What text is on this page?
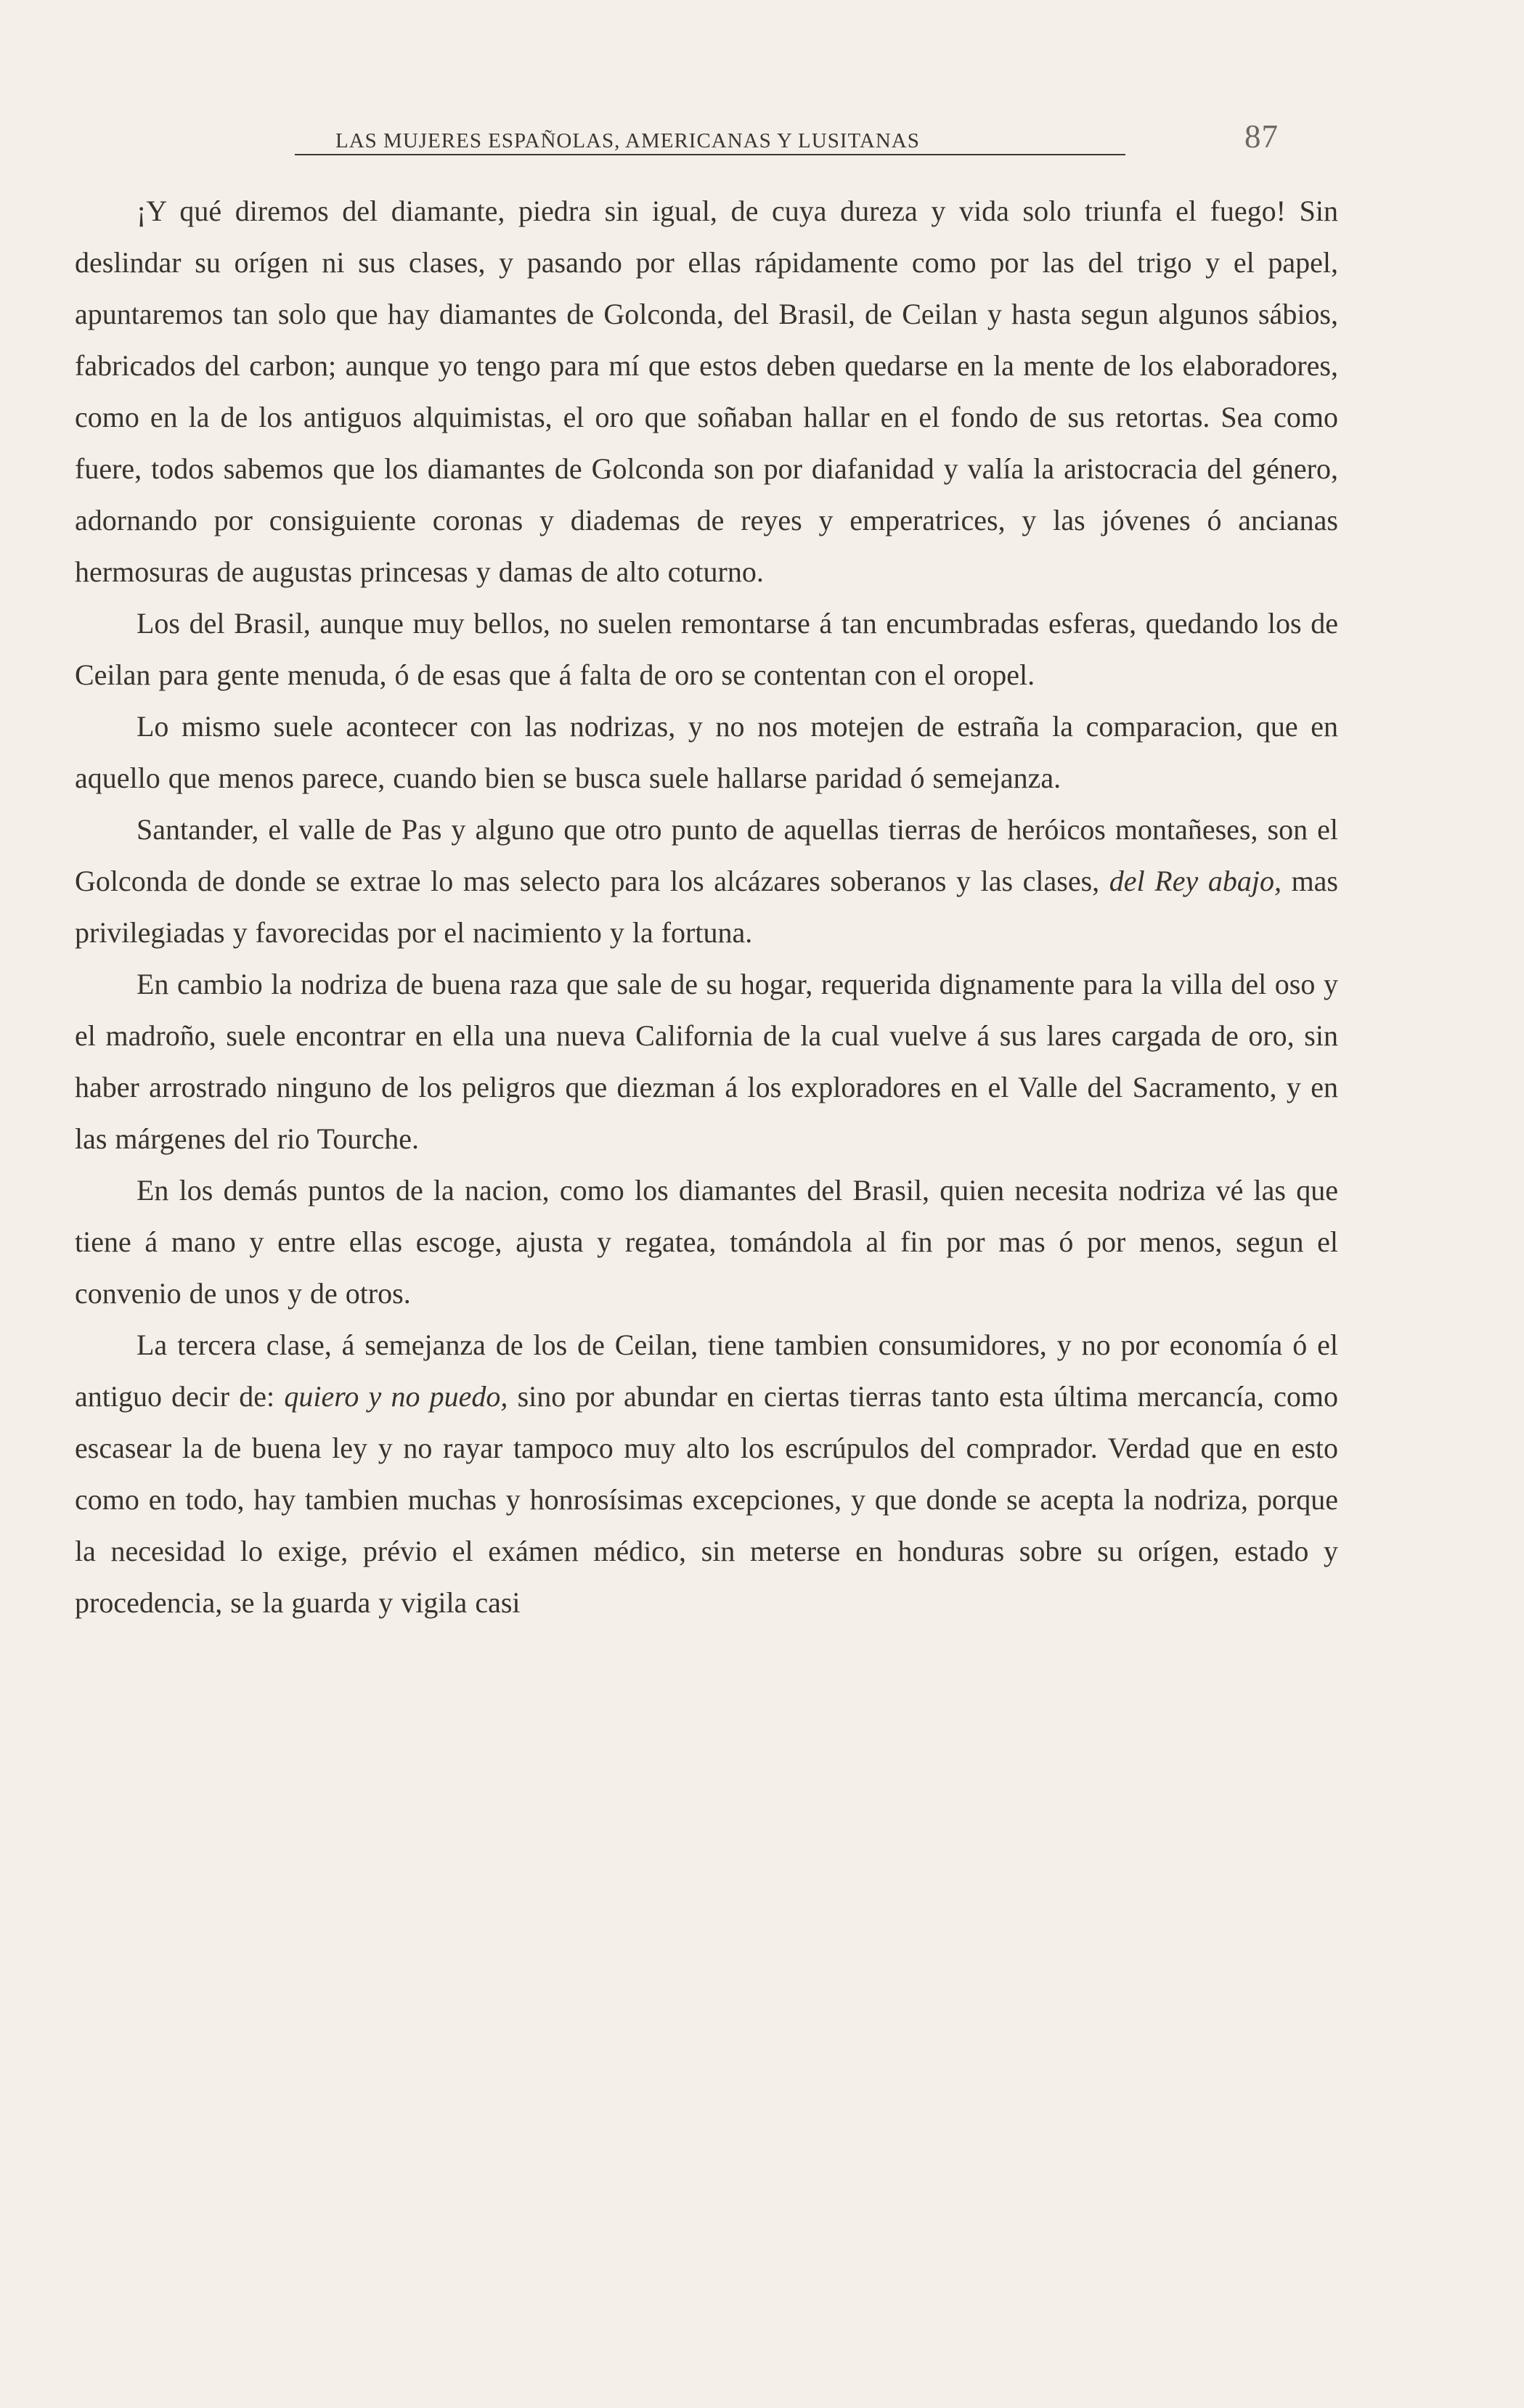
LAS MUJERES ESPAÑOLAS, AMERICANAS Y LUSITANAS	87

¡Y qué diremos del diamante, piedra sin igual, de cuya dureza y vida solo triunfa el fuego! Sin deslindar su orígen ni sus clases, y pasando por ellas rápidamente como por las del trigo y el papel, apuntaremos tan solo que hay diamantes de Golconda, del Brasil, de Ceilan y hasta segun algunos sábios, fabricados del carbon; aunque yo tengo para mí que estos deben quedarse en la mente de los elaboradores, como en la de los antiguos alquimistas, el oro que soñaban hallar en el fondo de sus retortas. Sea como fuere, todos sabemos que los diamantes de Golconda son por diafanidad y valía la aristocracia del género, adornando por consiguiente coronas y diademas de reyes y emperatrices, y las jóvenes ó ancianas hermosuras de augustas princesas y damas de alto coturno.

Los del Brasil, aunque muy bellos, no suelen remontarse á tan encumbradas esferas, quedando los de Ceilan para gente menuda, ó de esas que á falta de oro se contentan con el oropel.

Lo mismo suele acontecer con las nodrizas, y no nos motejen de estraña la comparacion, que en aquello que menos parece, cuando bien se busca suele hallarse paridad ó semejanza.

Santander, el valle de Pas y alguno que otro punto de aquellas tierras de heróicos montañeses, son el Golconda de donde se extrae lo mas selecto para los alcázares soberanos y las clases, del Rey abajo, mas privilegiadas y favorecidas por el nacimiento y la fortuna.

En cambio la nodriza de buena raza que sale de su hogar, requerida dignamente para la villa del oso y el madroño, suele encontrar en ella una nueva California de la cual vuelve á sus lares cargada de oro, sin haber arrostrado ninguno de los peligros que diezman á los exploradores en el Valle del Sacramento, y en las márgenes del rio Tourche.

En los demás puntos de la nacion, como los diamantes del Brasil, quien necesita nodriza vé las que tiene á mano y entre ellas escoge, ajusta y regatea, tomándola al fin por mas ó por menos, segun el convenio de unos y de otros.

La tercera clase, á semejanza de los de Ceilan, tiene tambien consumidores, y no por economía ó el antiguo decir de: quiero y no puedo, sino por abundar en ciertas tierras tanto esta última mercancía, como escasear la de buena ley y no rayar tampoco muy alto los escrúpulos del comprador. Verdad que en esto como en todo, hay tambien muchas y honrosísimas excepciones, y que donde se acepta la nodriza, porque la necesidad lo exige, prévio el exámen médico, sin meterse en honduras sobre su orígen, estado y procedencia, se la guarda y vigila casi
